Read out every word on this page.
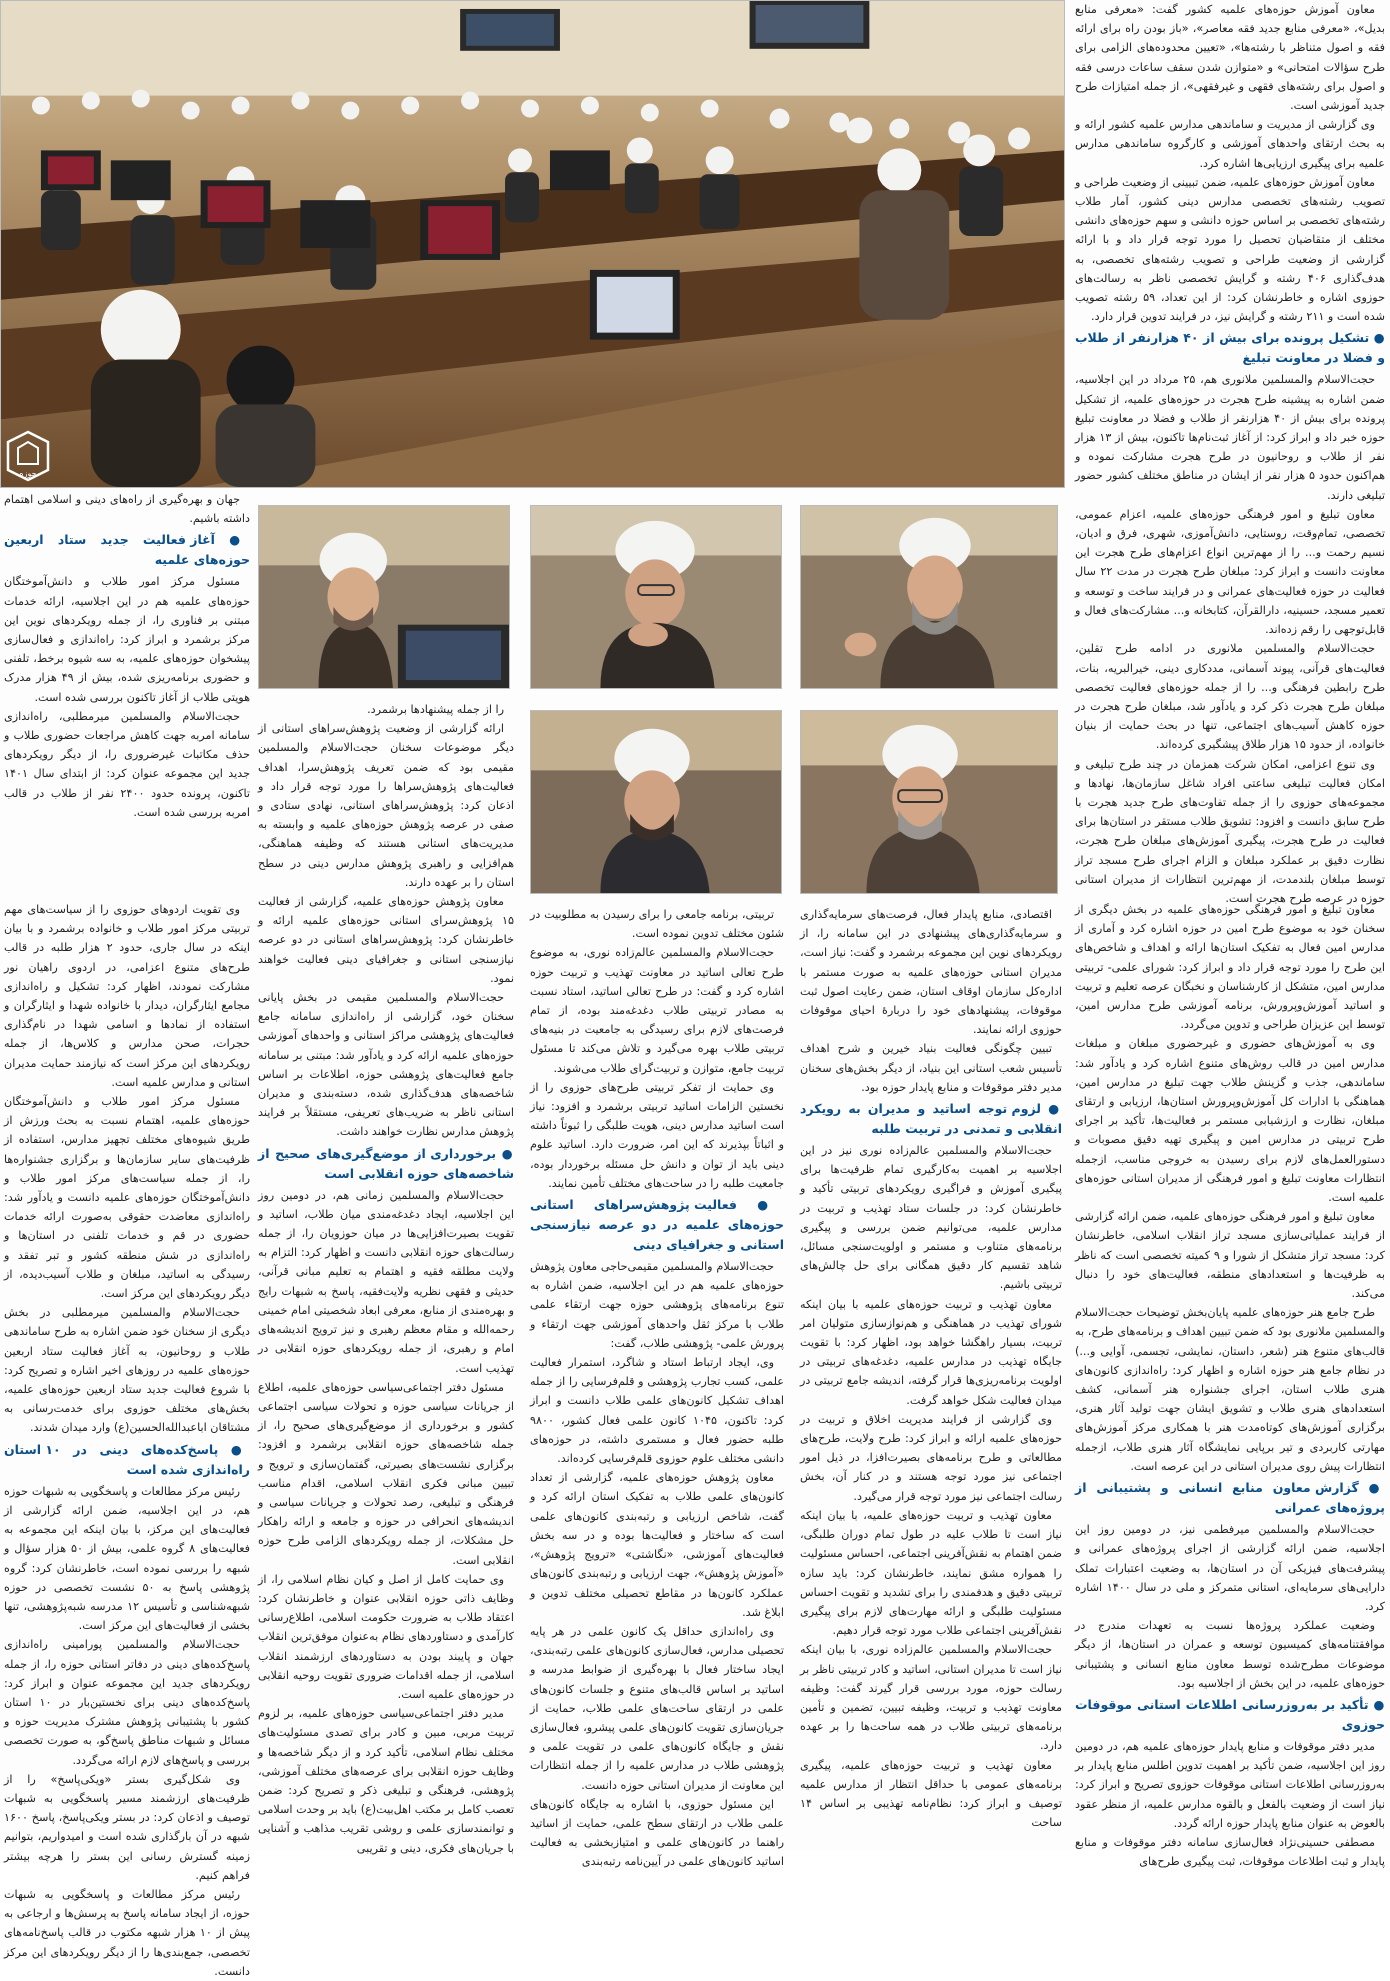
حوزه

معاون آموزش حوزه‌های علمیه کشور گفت: «معرفی منابع بدیل»، «معرفی منابع جدید فقه معاصر»، «باز بودن راه برای ارائه فقه و اصول متناظر با رشته‌ها»، «تعیین محدوده‌های الزامی برای طرح سؤالات امتحانی» و «متوازن شدن سقف ساعات درسی فقه و اصول برای رشته‌های فقهی و غیرفقهی»، از جمله امتیازات طرح جدید آموزشی است.

وی گزارشی از مدیریت و ساماندهی مدارس علمیه کشور ارائه و به بحث ارتقای واحدهای آموزشی و کارگروه ساماندهی مدارس علمیه برای پیگیری ارزیابی‌ها اشاره کرد.

معاون آموزش حوزه‌های علمیه، ضمن تبیینی از وضعیت طراحی و تصویب رشته‌های تخصصی مدارس دینی کشور، آمار طلاب رشته‌های تخصصی بر اساس حوزه دانشی و سهم حوزه‌های دانشی مختلف از متقاضیان تحصیل را مورد توجه قرار داد و با ارائه گزارشی از وضعیت طراحی و تصویب رشته‌های تخصصی، به هدف‌گذاری ۴۰۶ رشته و گرایش تخصصی ناظر به رسالت‌های حوزوی اشاره و خاطرنشان کرد: از این تعداد، ۵۹ رشته تصویب شده است و ۲۱۱ رشته و گرایش نیز، در فرایند تدوین قرار دارد.

● تشکیل پرونده برای بیش از ۴۰ هزارنفر از طلاب و فضلا در معاونت تبلیغ

حجت‌الاسلام والمسلمین ملانوری هم، ۲۵ مرداد در این اجلاسیه، ضمن اشاره به پیشینه طرح هجرت در حوزه‌های علمیه، از تشکیل پرونده برای بیش از ۴۰ هزارنفر از طلاب و فضلا در معاونت تبلیغ حوزه خبر داد و ابراز کرد: از آغاز ثبت‌نام‌ها تاکنون، بیش از ۱۳ هزار نفر از طلاب و روحانیون در طرح هجرت مشارکت نموده و هم‌اکنون حدود ۵ هزار نفر از ایشان در مناطق مختلف کشور حضور تبلیغی دارند.

معاون تبلیغ و امور فرهنگی حوزه‌های علمیه، اعزام عمومی، تخصصی، تمام‌وقت، روستایی، دانش‌آموزی، شهری، فرق و ادیان، نسیم رحمت و... را از مهم‌ترین انواع اعزام‌های طرح هجرت این معاونت دانست و ابراز کرد: مبلغان طرح هجرت در مدت ۲۲ سال فعالیت در حوزه فعالیت‌های عمرانی و در فرایند ساخت و توسعه و تعمیر مسجد، حسینیه، دارالقرآن، کتابخانه و... مشارکت‌های فعال و قابل‌توجهی را رقم زده‌اند.

حجت‌الاسلام والمسلمین ملانوری در ادامه طرح تقلین، فعالیت‌های قرآنی، پیوند آسمانی، مددکاری دینی، خیرالبریه، بنات، طرح رابطین فرهنگی و... را از جمله حوزه‌های فعالیت تخصصی مبلغان طرح هجرت ذکر کرد و یادآور شد، مبلغان طرح هجرت در حوزه کاهش آسیب‌های اجتماعی، تنها در بحث حمایت از بنیان خانواده، از حدود ۱۵ هزار طلاق پیشگیری کرده‌اند.

وی تنوع اعزامی، امکان شرکت همزمان در چند طرح تبلیغی و امکان فعالیت تبلیغی ساعتی افراد شاغل سازمان‌ها، نهادها و مجموعه‌های حوزوی را از جمله تفاوت‌های طرح جدید هجرت با طرح سابق دانست و افزود: تشویق طلاب مستقر در استان‌ها برای فعالیت در طرح هجرت، پیگیری آموزش‌های مبلغان طرح هجرت، نظارت دقیق بر عملکرد مبلغان و الزام اجرای طرح مسجد تراز توسط مبلغان بلندمدت، از مهم‌ترین انتظارات از مدیران استانی حوزه در عرصه طرح هجرت است.

جهان و بهره‌گیری از راه‌های دینی و اسلامی اهتمام داشته باشیم.

● آغاز فعالیت جدید ستاد اربعین حوزه‌های علمیه

مسئول مرکز امور طلاب و دانش‌آموختگان حوزه‌های علمیه هم در این اجلاسیه، ارائه خدمات مبتنی بر فناوری را، از جمله رویکردهای نوین این مرکز برشمرد و ابراز کرد: راه‌اندازی و فعال‌سازی پیشخوان حوزه‌های علمیه، به سه شیوه برخط، تلفنی و حضوری برنامه‌ریزی شده، بیش از ۴۹ هزار مدرک هویتی طلاب از آغاز تاکنون بررسی شده است.

حجت‌الاسلام والمسلمین میرمطلبی، راه‌اندازی سامانه امربه جهت کاهش مراجعات حضوری طلاب و حذف مکاتبات غیرضروری را، از دیگر رویکردهای جدید این مجموعه عنوان کرد: از ابتدای سال ۱۴۰۱ تاکنون، پرونده حدود ۲۴۰۰ نفر از طلاب در قالب امربه بررسی شده است.

معاون تبلیغ و امور فرهنگی حوزه‌های علمیه در بخش دیگری از سخنان خود به موضوع طرح امین در حوزه اشاره کرد و آماری از مدارس امین فعال به تفکیک استان‌ها ارائه و اهداف و شاخص‌های این طرح را مورد توجه قرار داد و ابراز کرد: شورای علمی- تربیتی مدارس امین، متشکل از کارشناسان و نخبگان عرصه تعلیم و تربیت و اساتید آموزش‌وپرورش، برنامه آموزشی طرح مدارس امین، توسط این عزیزان طراحی و تدوین می‌گردد.

وی به آموزش‌های حضوری و غیرحضوری مبلغان و مبلغات مدارس امین در قالب روش‌های متنوع اشاره کرد و یادآور شد: ساماندهی، جذب و گزینش طلاب جهت تبلیغ در مدارس امین، هماهنگی با ادارات کل آموزش‌وپرورش استان‌ها، ارزیابی و ارتقای مبلغان، نظارت و ارزشیابی مستمر بر فعالیت‌ها، تأکید بر اجرای طرح تربیتی در مدارس امین و پیگیری تهیه دقیق مصوبات و دستورالعمل‌های لازم برای رسیدن به خروجی مناسب، ازجمله انتظارات معاونت تبلیغ و امور فرهنگی از مدیران استانی حوزه‌های علمیه است.

معاون تبلیغ و امور فرهنگی حوزه‌های علمیه، ضمن ارائه گزارشی از فرایند عملیاتی‌سازی مسجد تراز انقلاب اسلامی، خاطرنشان کرد: مسجد تراز متشکل از شورا و ۹ کمیته تخصصی است که ناظر به ظرفیت‌ها و استعدادهای منطقه، فعالیت‌های خود را دنبال می‌کند.

طرح جامع هنر حوزه‌های علمیه پایان‌بخش توضیحات حجت‌الاسلام والمسلمین ملانوری بود که ضمن تبیین اهداف و برنامه‌های طرح، به قالب‌های متنوع هنر (شعر، داستان، نمایشی، تجسمی، آوایی و...) در نظام جامع هنر حوزه اشاره و اظهار کرد: راه‌اندازی کانون‌های هنری طلاب استان، اجرای جشنواره هنر آسمانی، کشف استعدادهای هنری طلاب و تشویق ایشان جهت تولید آثار هنری، برگزاری آموزش‌های کوتاه‌مدت هنر با همکاری مرکز آموزش‌های مهارتی کاربردی و تیر برپایی نمایشگاه آثار هنری طلاب، ازجمله انتظارات پیش روی مدیران استانی در این عرصه است.

● گزارش معاون منابع انسانی و پشتیبانی از پروژه‌های عمرانی

حجت‌الاسلام والمسلمین میرفطمی نیز، در دومین روز این اجلاسیه، ضمن ارائه گزارشی از اجرای پروژه‌های عمرانی و پیشرفت‌های فیزیکی آن در استان‌ها، به وضعیت اعتبارات تملک دارایی‌های سرمایه‌ای، استانی متمرکز و ملی در سال ۱۴۰۰ اشاره کرد.

وضعیت عملکرد پروژه‌ها نسبت به تعهدات مندرج در موافقتنامه‌های کمیسیون توسعه و عمران در استان‌ها، از دیگر موضوعات مطرح‌شده توسط معاون منابع انسانی و پشتیبانی حوزه‌های علمیه، در این بخش از اجلاسیه بود.

● تأکید بر به‌روزرسانی اطلاعات استانی موقوفات حوزوی

مدیر دفتر موقوفات و منابع پایدار حوزه‌های علمیه هم، در دومین روز این اجلاسیه، ضمن تأکید بر اهمیت تدوین اطلس منابع پایدار بر به‌روزرسانی اطلاعات استانی موقوفات حوزوی تصریح و ابراز کرد: نیاز است از وضعیت بالفعل و بالقوه مدارس علمیه، از منظر عقود بالعوض به عنوان منابع پایدار حوزه ارائه گردد.

مصطفی حسینی‌نژاد فعال‌سازی سامانه دفتر موقوفات و منابع پایدار و ثبت اطلاعات موقوفات، ثبت پیگیری طرح‌های

اقتصادی، منابع پایدار فعال، فرصت‌های سرمایه‌گذاری و سرمایه‌گذاری‌های پیشنهادی در این سامانه را، از رویکردهای نوین این مجموعه برشمرد و گفت: نیاز است، مدیران استانی حوزه‌های علمیه به صورت مستمر با اداره‌کل سازمان اوقاف استان، ضمن رعایت اصول ثبت موقوفات، پیشنهادهای خود را دربارهٔ احیای موقوفات حوزوی ارائه نمایند.

تبیین چگونگی فعالیت بنیاد خیرین و شرح اهداف تأسیس شعب استانی این بنیاد، از دیگر بخش‌های سخنان مدیر دفتر موقوفات و منابع پایدار حوزه بود.

● لزوم توجه اساتید و مدیران به رویکرد انقلابی و تمدنی در تربیت طلبه

حجت‌الاسلام والمسلمین عالم‌زاده نوری نیز در این اجلاسیه بر اهمیت به‌کارگیری تمام ظرفیت‌ها برای پیگیری آموزش و فراگیری رویکردهای تربیتی تأکید و خاطرنشان کرد: در جلسات ستاد تهذیب و تربیت در مدارس علمیه، می‌توانیم ضمن بررسی و پیگیری برنامه‌های متناوب و مستمر و اولویت‌سنجی مسائل، شاهد تقسیم کار دقیق همگانی برای حل چالش‌های تربیتی باشیم.

معاون تهذیب و تربیت حوزه‌های علمیه با بیان اینکه شورای تهذیب در هماهنگی و هم‌نوازسازی متولیان امر تربیت، بسیار راهگشا خواهد بود، اظهار کرد: با تقویت جایگاه تهذیب در مدارس علمیه، دغدغه‌های تربیتی در اولویت برنامه‌ریزی‌ها قرار گرفته، اندیشه جامع تربیتی در میدان فعالیت شکل خواهد گرفت.

وی گزارشی از فرایند مدیریت اخلاق و تربیت در حوزه‌های علمیه ارائه و ابراز کرد: طرح ولایت، طرح‌های مطالعاتی و طرح برنامه‌های بصیرت‌افزا، در ذیل امور اجتماعی نیز مورد توجه هستند و در کنار آن، بخش رسالت اجتماعی نیز مورد توجه قرار می‌گیرد.

معاون تهذیب و تربیت حوزه‌های علمیه، با بیان اینکه نیاز است تا طلاب علیه در طول تمام دوران طلبگی، ضمن اهتمام به نقش‌آفرینی اجتماعی، احساس مسئولیت را همواره مشق نمایند، خاطرنشان کرد: باید سازه تربیتی دقیق و هدفمندی را برای تشدید و تقویت احساس مسئولیت طلبگی و ارائه مهارت‌های لازم برای پیگیری نقش‌آفرینی اجتماعی طلاب مورد توجه قرار دهیم.

حجت‌الاسلام والمسلمین عالم‌زاده نوری، با بیان اینکه نیاز است تا مدیران استانی، اساتید و کادر تربیتی ناظر بر رسالت حوزه، مورد بررسی قرار گیرند گفت: وظیفه معاونت تهذیب و تربیت، وظیفه تبیین، تضمین و تأمین برنامه‌های تربیتی طلاب در همه ساحت‌ها را بر عهده دارد.

معاون تهذیب و تربیت حوزه‌های علمیه، پیگیری برنامه‌های عمومی با حداقل انتظار از مدارس علمیه توصیف و ابراز کرد: نظام‌نامه تهذیبی بر اساس ۱۴ ساحت

تربیتی، برنامه جامعی را برای رسیدن به مطلوبیت در شئون مختلف تدوین نموده است.

حجت‌الاسلام والمسلمین عالم‌زاده نوری، به موضوع طرح تعالی اساتید در معاونت تهذیب و تربیت حوزه اشاره کرد و گفت: در طرح تعالی اساتید، استاد نسبت به مصادر تربیتی طلاب دغدغه‌مند بوده، از تمام فرصت‌های لازم برای رسیدگی به جامعیت در بنیه‌های تربیتی طلاب بهره می‌گیرد و تلاش می‌کند تا مسئول تربیت جامع، متوازن و تربیت‌گرای طلاب می‌شوند.

وی حمایت از تفکر تربیتی طرح‌های حوزوی را از نخستین الزامات اساتید تربیتی برشمرد و افزود: نیاز است اساتید مدارس دینی، هویت طلبگی را ثبوتاً داشته و اثباتاً بپذیرند که این امر، ضرورت دارد. اساتید علوم دینی باید از توان و دانش حل مسئله برخوردار بوده، جامعیت طلبه را در ساحت‌های مختلف تأمین نمایند.

● فعالیت پژوهش‌سراهای استانی حوزه‌های علمیه در دو عرصه نیازسنجی استانی و جغرافیای دینی

حجت‌الاسلام والمسلمین مقیمی‌حاجی معاون پژوهش حوزه‌های علمیه هم در این اجلاسیه، ضمن اشاره به تنوع برنامه‌های پژوهشی حوزه جهت ارتقاء علمی طلاب با مرکز ثقل واحدهای آموزشی جهت ارتقاء و پرورش علمی- پژوهشی طلاب، گفت:

وی، ایجاد ارتباط استاد و شاگرد، استمرار فعالیت علمی، کسب تجارب پژوهشی و قلم‌فرسایی را از جمله اهداف تشکیل کانون‌های علمی طلاب دانست و ابراز کرد: تاکنون، ۱۰۴۵ کانون علمی فعال کشور، ۹۸۰۰ طلبه حضور فعال و مستمری داشته، در حوزه‌های دانشی مختلف علوم حوزوی قلم‌فرسایی کرده‌اند.

معاون پژوهش حوزه‌های علمیه، گزارشی از تعداد کانون‌های علمی طلاب به تفکیک استان ارائه کرد و گفت، شاخص ارزیابی و رتبه‌بندی کانون‌های علمی است که ساختار و فعالیت‌ها بوده و در سه بخش فعالیت‌های آموزشی، «نگاشتی» «ترویج پژوهش»، «آموزش پژوهش»، جهت ارزیابی و رتبه‌بندی کانون‌های عملکرد کانون‌ها در مقاطع تحصیلی مختلف تدوین و ابلاغ شد.

وی راه‌اندازی حداقل یک کانون علمی در هر پایه تحصیلی مدارس، فعال‌سازی کانون‌های علمی رتبه‌بندی، ایجاد ساختار فعال با بهره‌گیری از ضوابط مدرسه و اساتید بر اساس قالب‌های متنوع و جلسات کانون‌های علمی در ارتقای ساحت‌های علمی طلاب، حمایت از جریان‌سازی تقویت کانون‌های علمی پیشرو، فعال‌سازی نقش و جایگاه کانون‌های علمی در تقویت علمی و پژوهشی طلاب در مدارس علمیه را از جمله انتظارات این معاونت از مدیران استانی حوزه دانست.

این مسئول حوزوی، با اشاره به جایگاه کانون‌های علمی طلاب در ارتقای سطح علمی، حمایت از اساتید راهنما در کانون‌های علمی و امتیازبخشی به فعالیت اساتید کانون‌های علمی در آیین‌نامه رتبه‌بندی

را از جمله پیشنهادها برشمرد.

ارائه گزارشی از وضعیت پژوهش‌سراهای استانی از دیگر موضوعات سخنان حجت‌الاسلام والمسلمین مقیمی بود که ضمن تعریف پژوهش‌سرا، اهداف فعالیت‌های پژوهش‌سراها را مورد توجه قرار داد و اذعان کرد: پژوهش‌سراهای استانی، نهادی ستادی و صفی در عرصه پژوهش حوزه‌های علمیه و وابسته به مدیریت‌های استانی هستند که وظیفه هماهنگی، هم‌افزایی و راهبری پژوهش مدارس دینی در سطح استان را بر عهده دارند.

معاون پژوهش حوزه‌های علمیه، گزارشی از فعالیت ۱۵ پژوهش‌سرای استانی حوزه‌های علمیه ارائه و خاطرنشان کرد: پژوهش‌سراهای استانی در دو عرصه نیازسنجی استانی و جغرافیای دینی فعالیت خواهند نمود.

حجت‌الاسلام والمسلمین مقیمی در بخش پایانی سخنان خود، گزارشی از راه‌اندازی سامانه جامع فعالیت‌های پژوهشی مراکز استانی و واحدهای آموزشی حوزه‌های علمیه ارائه کرد و یادآور شد: مبتنی بر سامانه جامع فعالیت‌های پژوهشی حوزه، اطلاعات بر اساس شاخصه‌های هدف‌گذاری شده، دسته‌بندی و مدیران استانی ناظر به ضریب‌های تعریفی، مستقلاً بر فرایند پژوهش مدارس نظارت خواهند داشت.

● برخورداری از موضع‌گیری‌های صحیح از شاخصه‌های حوزه انقلابی است

حجت‌الاسلام والمسلمین زمانی هم، در دومین روز این اجلاسیه، ایجاد دغدغه‌مندی میان طلاب، اساتید و تقویت بصیرت‌افزایی‌ها در میان حوزویان را، از جمله رسالت‌های حوزه انقلابی دانست و اظهار کرد: التزام به ولایت مطلقه فقیه و اهتمام به تعلیم مبانی قرآنی، حدیثی و فقهی نظریه ولایت‌فقیه، پاسخ به شبهات رایج و بهره‌مندی از منابع، معرفی ابعاد شخصیتی امام خمینی رحمه‌الله و مقام معظم رهبری و نیز ترویج اندیشه‌های امام و رهبری، از جمله رویکردهای حوزه انقلابی در تهذیب است.

مسئول دفتر اجتماعی‌سیاسی حوزه‌های علمیه، اطلاع از جریانات سیاسی حوزه و تحولات سیاسی اجتماعی کشور و برخورداری از موضع‌گیری‌های صحیح را، از جمله شاخصه‌های حوزه انقلابی برشمرد و افزود: برگزاری نشست‌های بصیرتی، گفتمان‌سازی و ترویج و تبیین مبانی فکری انقلاب اسلامی، اقدام مناسب فرهنگی و تبلیغی، رصد تحولات و جریانات سیاسی و اندیشه‌های انحرافی در حوزه و جامعه و ارائه راهکار حل مشکلات، از جمله رویکردهای الزامی طرح حوزه انقلابی است.

وی حمایت کامل از اصل و کیان نظام اسلامی را، از وظایف ذاتی حوزه انقلابی عنوان و خاطرنشان کرد: اعتقاد طلاب به ضرورت حکومت اسلامی، اطلاع‌رسانی کارآمدی و دستاوردهای نظام به‌عنوان موفق‌ترین انقلاب جهان و پایبند بودن به دستاوردهای ارزشمند انقلاب اسلامی، از جمله اقدامات ضروری تقویت روحیه انقلابی در حوزه‌های علمیه است.

مدیر دفتر اجتماعی‌سیاسی حوزه‌های علمیه، بر لزوم تربیت مربی، مبین و کادر برای تصدی مسئولیت‌های مختلف نظام اسلامی، تأکید کرد و از دیگر شاخصه‌ها و وظایف حوزه انقلابی برای عرصه‌های مختلف آموزشی، پژوهشی، فرهنگی و تبلیغی ذکر و تصریح کرد: ضمن تعصب کامل بر مکتب اهل‌بیت(ع) باید بر وحدت اسلامی و توانمندسازی علمی و روشی تقریب مذاهب و آشنایی با جریان‌های فکری، دینی و تقریبی

وی تقویت اردوهای حوزوی را از سیاست‌های مهم تربیتی مرکز امور طلاب و خانواده برشمرد و با بیان اینکه در سال جاری، حدود ۲ هزار طلبه در قالب طرح‌های متنوع اعزامی، در اردوی راهیان نور مشارکت نمودند، اظهار کرد: تشکیل و راه‌اندازی مجامع ایثارگران، دیدار با خانواده شهدا و ایثارگران و استفاده از نمادها و اسامی شهدا در نام‌گذاری حجرات، صحن مدارس و کلاس‌ها، از جمله رویکردهای این مرکز است که نیازمند حمایت مدیران استانی و مدارس علمیه است.

مسئول مرکز امور طلاب و دانش‌آموختگان حوزه‌های علمیه، اهتمام نسبت به بحث ورزش از طریق شیوه‌های مختلف تجهیز مدارس، استفاده از ظرفیت‌های سایر سازمان‌ها و برگزاری جشنواره‌ها را، از جمله سیاست‌های مرکز امور طلاب و دانش‌آموختگان حوزه‌های علمیه دانست و یادآور شد: راه‌اندازی معاضدت حقوقی به‌صورت ارائه خدمات حضوری در قم و خدمات تلفنی در استان‌ها و راه‌اندازی در شش منطقه کشور و تبر تفقد و رسیدگی به اساتید، مبلغان و طلاب آسیب‌دیده، از دیگر رویکردهای این مرکز است.

حجت‌الاسلام والمسلمین میرمطلبی در بخش دیگری از سخنان خود ضمن اشاره به طرح ساماندهی طلاب و روحانیون، به آغاز فعالیت ستاد اربعین حوزه‌های علمیه در روزهای اخیر اشاره و تصریح کرد: با شروع فعالیت جدید ستاد اربعین حوزه‌های علمیه، بخش‌های مختلف حوزوی برای خدمت‌رسانی به مشتاقان اباعبدالله‌الحسین(ع) وارد میدان شدند.

● پاسخ‌کده‌های دینی در ۱۰ استان راه‌اندازی شده است

رئیس مرکز مطالعات و پاسخگویی به شبهات حوزه هم، در این اجلاسیه، ضمن ارائه گزارشی از فعالیت‌های این مرکز، با بیان اینکه این مجموعه به فعالیت‌های ۸ گروه علمی، بیش از ۵۰ هزار سؤال و شبهه را بررسی نموده است، خاطرنشان کرد: گروه پژوهشی پاسخ به ۵۰ نشست تخصصی در حوزه شبهه‌شناسی و تأسیس ۱۲ مدرسه شبه‌پژوهشی، تنها بخشی از فعالیت‌های این مرکز است.

حجت‌الاسلام والمسلمین پورامینی راه‌اندازی پاسخ‌کده‌های دینی در دفاتر استانی حوزه را، از جمله رویکردهای جدید این مجموعه عنوان و ابراز کرد: پاسخ‌کده‌های دینی برای نخستین‌بار در ۱۰ استان کشور با پشتیبانی پژوهش مشترک مدیریت حوزه و مسائل و شبهات مناطق پاسخ‌گو، به صورت تخصصی بررسی و پاسخ‌های لازم ارائه می‌گردد.

وی شکل‌گیری بستر «ویکی‌پاسخ» را از ظرفیت‌های ارزشمند مسیر پاسخگویی به شبهات توصیف و اذعان کرد: در بستر ویکی‌پاسخ، پاسخ ۱۶۰۰ شبهه در آن بارگذاری شده است و امیدواریم، بتوانیم زمینه گسترش رسانی این بستر را هرچه بیشتر فراهم کنیم.

رئیس مرکز مطالعات و پاسخگویی به شبهات حوزه، از ایجاد سامانه پاسخ به پرسش‌ها و ارجاعی به پیش از ۱۰ هزار شبهه مکتوب در قالب پاسخ‌نامه‌های تخصصی، جمع‌بندی‌ها را از دیگر رویکردهای این مرکز دانست.
